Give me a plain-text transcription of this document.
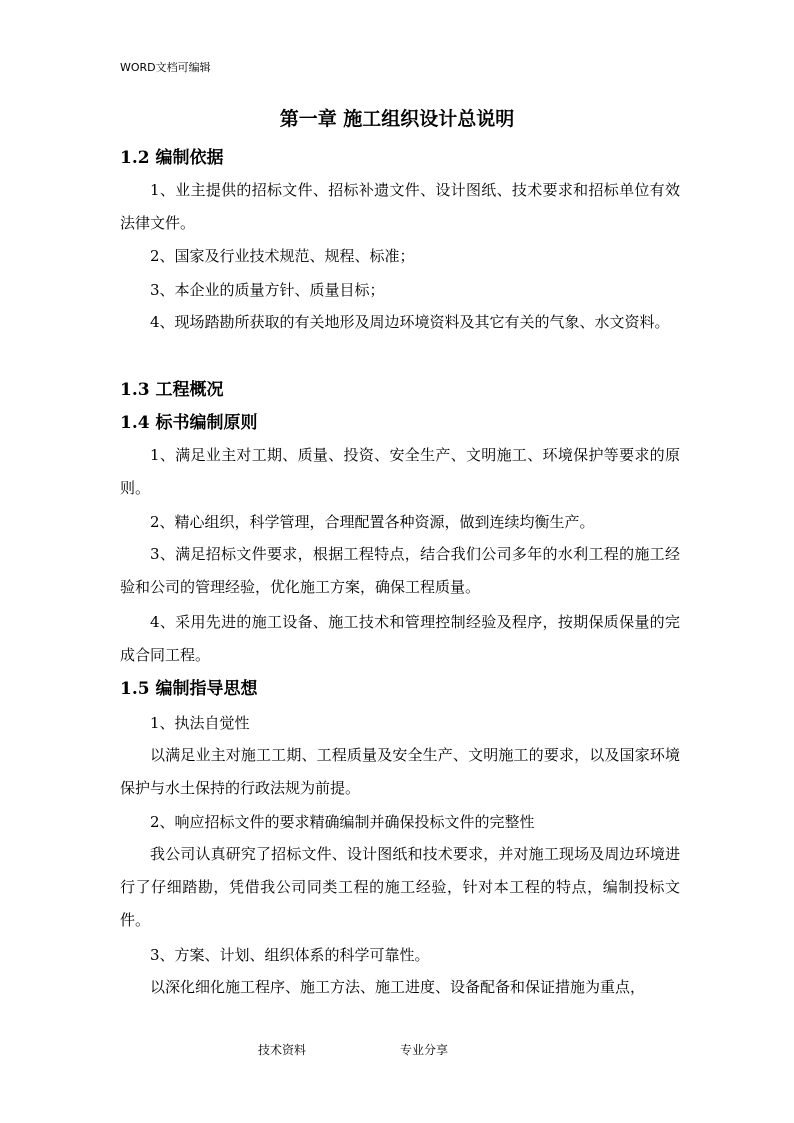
WORD文档可编辑
第一章 施工组织设计总说明
1.2 编制依据
1、业主提供的招标文件、招标补遗文件、设计图纸、技术要求和招标单位有效法律文件。
2、国家及行业技术规范、规程、标准；
3、本企业的质量方针、质量目标；
4、现场踏勘所获取的有关地形及周边环境资料及其它有关的气象、水文资料。
1.3 工程概况
1.4 标书编制原则
1、满足业主对工期、质量、投资、安全生产、文明施工、环境保护等要求的原则。
2、精心组织，科学管理，合理配置各种资源，做到连续均衡生产。
3、满足招标文件要求，根据工程特点，结合我们公司多年的水利工程的施工经验和公司的管理经验，优化施工方案，确保工程质量。
4、采用先进的施工设备、施工技术和管理控制经验及程序，按期保质保量的完成合同工程。
1.5 编制指导思想
1、执法自觉性
以满足业主对施工工期、工程质量及安全生产、文明施工的要求，以及国家环境保护与水土保持的行政法规为前提。
2、响应招标文件的要求精确编制并确保投标文件的完整性
我公司认真研究了招标文件、设计图纸和技术要求，并对施工现场及周边环境进行了仔细踏勘，凭借我公司同类工程的施工经验，针对本工程的特点，编制投标文件。
3、方案、计划、组织体系的科学可靠性。
以深化细化施工程序、施工方法、施工进度、设备配备和保证措施为重点，
技术资料	专业分享
